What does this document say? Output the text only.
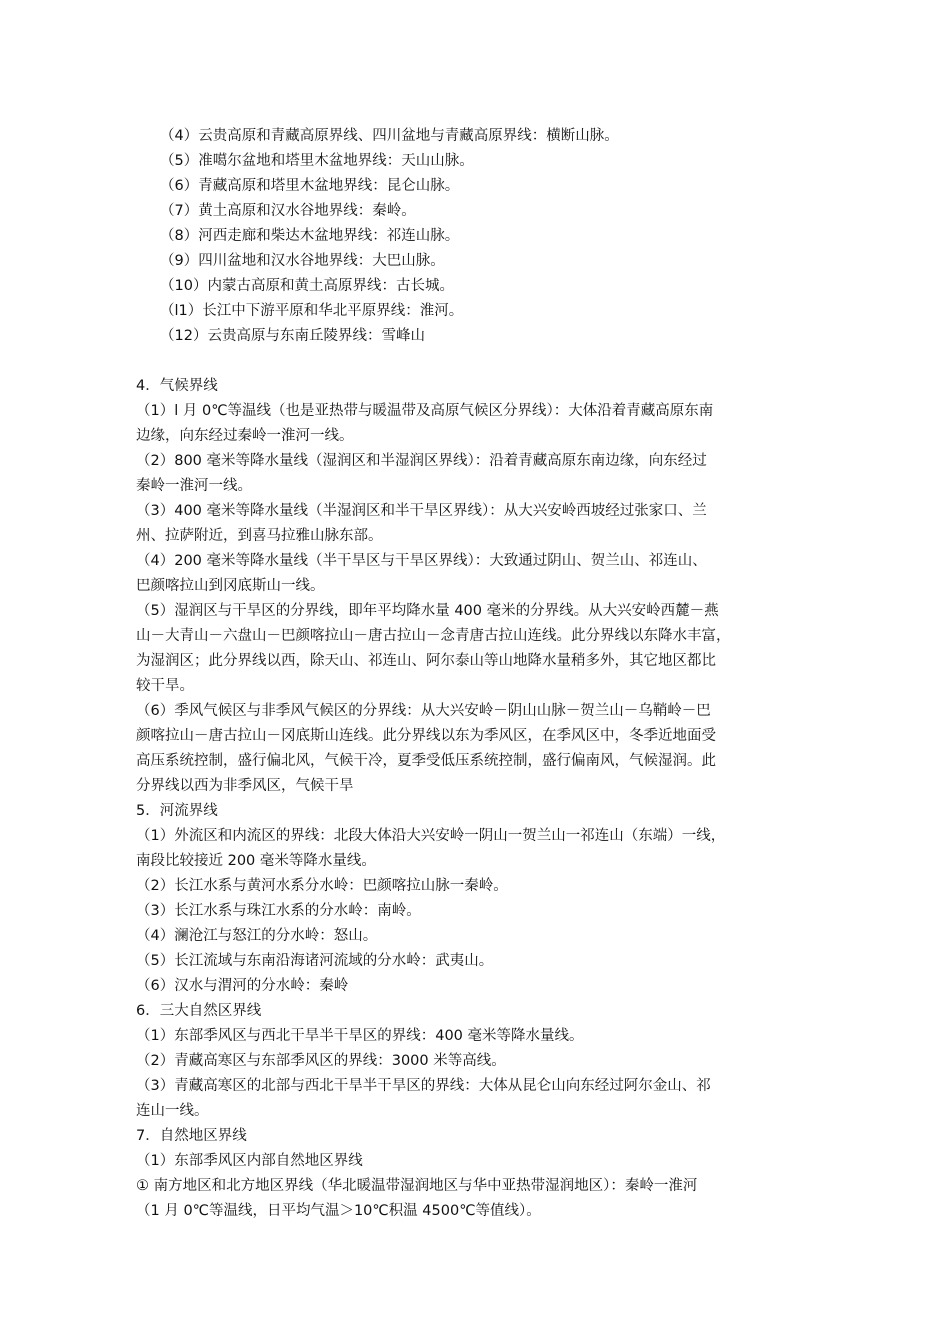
（4）云贵高原和青藏高原界线、四川盆地与青藏高原界线：横断山脉。
（5）准噶尔盆地和塔里木盆地界线：天山山脉。
（6）青藏高原和塔里木盆地界线：昆仑山脉。
（7）黄土高原和汉水谷地界线：秦岭。
（8）河西走廊和柴达木盆地界线：祁连山脉。
（9）四川盆地和汉水谷地界线：大巴山脉。
（10）内蒙古高原和黄土高原界线：古长城。
（l1）长江中下游平原和华北平原界线：淮河。
（12）云贵高原与东南丘陵界线：雪峰山
4．气候界线
（1）l 月 0℃等温线（也是亚热带与暖温带及高原气候区分界线）：大体沿着青藏高原东南
边缘，向东经过秦岭一淮河一线。
（2）800 毫米等降水量线（湿润区和半湿润区界线）：沿着青藏高原东南边缘，向东经过
秦岭一淮河一线。
（3）400 毫米等降水量线（半湿润区和半干旱区界线）：从大兴安岭西坡经过张家口、兰
州、拉萨附近，到喜马拉雅山脉东部。
（4）200 毫米等降水量线（半干旱区与干旱区界线）：大致通过阴山、贺兰山、祁连山、
巴颜喀拉山到冈底斯山一线。
（5）湿润区与干旱区的分界线，即年平均降水量 400 毫米的分界线。从大兴安岭西麓－燕
山－大青山－六盘山－巴颜喀拉山－唐古拉山－念青唐古拉山连线。此分界线以东降水丰富，
为湿润区；此分界线以西，除天山、祁连山、阿尔泰山等山地降水量稍多外，其它地区都比
较干旱。
（6）季风气候区与非季风气候区的分界线：从大兴安岭－阴山山脉－贺兰山－乌鞘岭－巴
颜喀拉山－唐古拉山－冈底斯山连线。此分界线以东为季风区，在季风区中，冬季近地面受
高压系统控制，盛行偏北风，气候干冷，夏季受低压系统控制，盛行偏南风，气候湿润。此
分界线以西为非季风区，气候干旱
5．河流界线
（1）外流区和内流区的界线：北段大体沿大兴安岭一阴山一贺兰山一祁连山（东端）一线，
南段比较接近 200 毫米等降水量线。
（2）长江水系与黄河水系分水岭：巴颜喀拉山脉一秦岭。
（3）长江水系与珠江水系的分水岭：南岭。
（4）澜沧江与怒江的分水岭：怒山。
（5）长江流域与东南沿海诸河流域的分水岭：武夷山。
（6）汉水与渭河的分水岭：秦岭
6．三大自然区界线
（1）东部季风区与西北干旱半干旱区的界线：400 毫米等降水量线。
（2）青藏高寒区与东部季风区的界线：3000 米等高线。
（3）青藏高寒区的北部与西北干旱半干旱区的界线：大体从昆仑山向东经过阿尔金山、祁
连山一线。
7．自然地区界线
（1）东部季风区内部自然地区界线
① 南方地区和北方地区界线（华北暖温带湿润地区与华中亚热带湿润地区）：秦岭一淮河
（1 月 0℃等温线，日平均气温＞10℃积温 4500℃等值线）。
